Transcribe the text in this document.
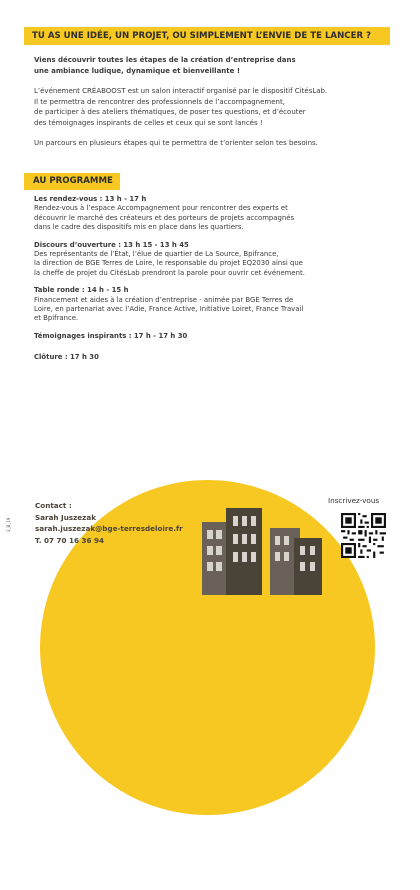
TU AS UNE IDÉE, UN PROJET, OU SIMPLEMENT L’ENVIE DE TE LANCER ?

Viens découvrir toutes les étapes de la création d’entreprise dans
une ambiance ludique, dynamique et bienveillante !

L’événement CRÉABOOST est un salon interactif organisé par le dispositif CitésLab.
Il te permettra de rencontrer des professionnels de l’accompagnement,
de participer à des ateliers thématiques, de poser tes questions, et d’écouter
des témoignages inspirants de celles et ceux qui se sont lancés !

Un parcours en plusieurs étapes qui te permettra de t’orienter selon tes besoins.

AU PROGRAMME
Les rendez-vous : 13 h - 17 h
Rendez-vous à l’espace Accompagnement pour rencontrer des experts et
découvrir le marché des créateurs et des porteurs de projets accompagnés
dans le cadre des dispositifs mis en place dans les quartiers.
Discours d’ouverture : 13 h 15 - 13 h 45
Des représentants de l’État, l’élue de quartier de La Source, Bpifrance,
la direction de BGE Terres de Loire, le responsable du projet EQ2030 ainsi que
la cheffe de projet du CitésLab prendront la parole pour ouvrir cet événement.
Table ronde : 14 h - 15 h
Financement et aides à la création d’entreprise - animée par BGE Terres de
Loire, en partenariat avec l’Adie, France Active, Initiative Loiret, France Travail
et Bpifrance.
Témoignages inspirants : 17 h - 17 h 30
Clôture : 17 h 30
3_B_19
Contact :
Sarah Juszezak
sarah.juszezak@bge-terresdeloire.fr
T. 07 70 16 36 94
Inscrivez-vous
